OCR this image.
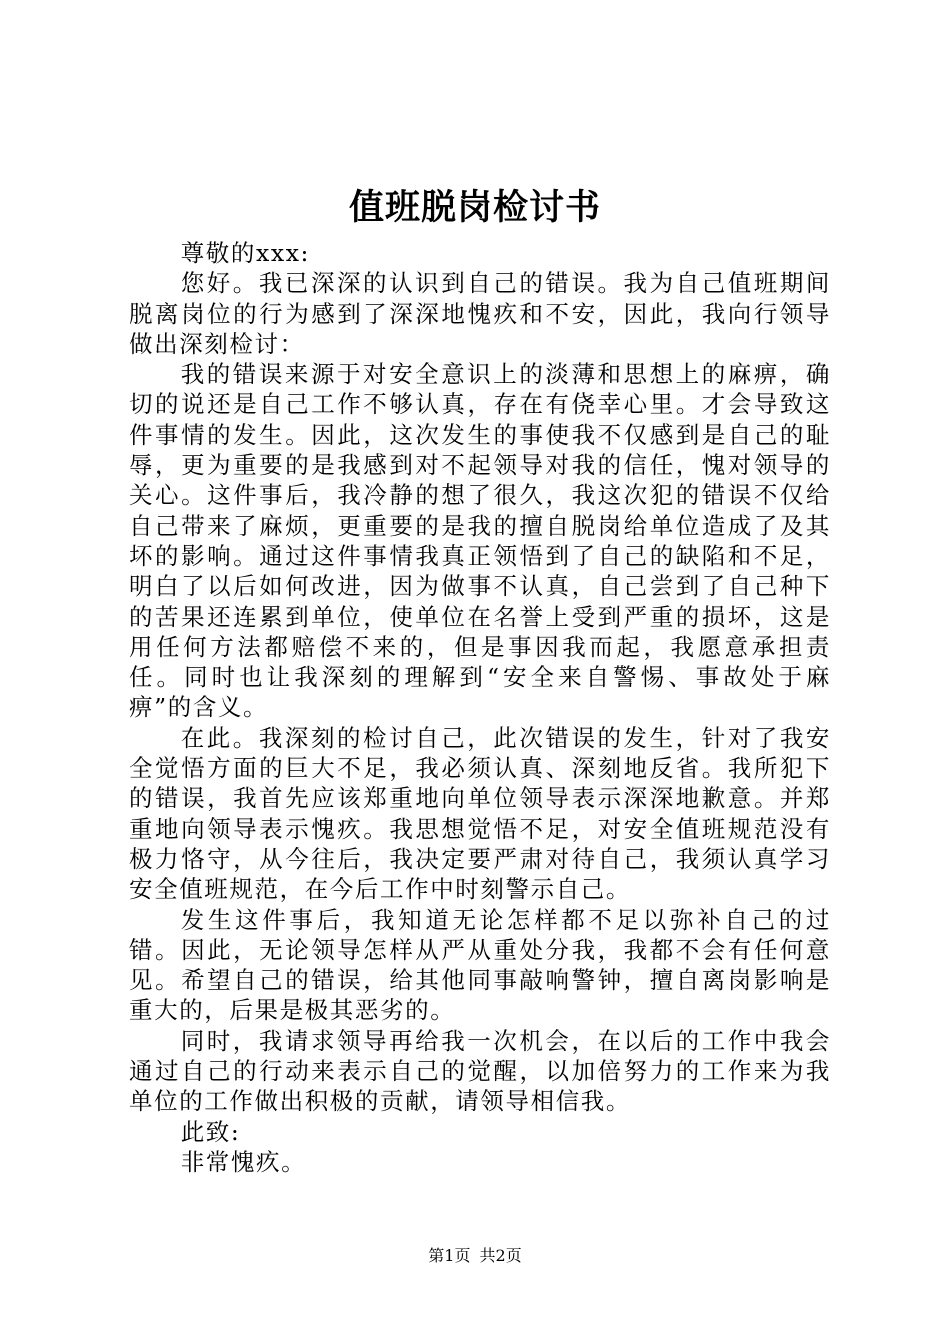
值班脱岗检讨书

尊敬的xxx:

您好。我已深深的认识到自己的错误。我为自己值班期间脱离岗位的行为感到了深深地愧疚和不安，因此，我向行领导做出深刻检讨：

我的错误来源于对安全意识上的淡薄和思想上的麻痹，确切的说还是自己工作不够认真，存在有侥幸心里。才会导致这件事情的发生。因此，这次发生的事使我不仅感到是自己的耻辱，更为重要的是我感到对不起领导对我的信任，愧对领导的关心。这件事后，我冷静的想了很久，我这次犯的错误不仅给自己带来了麻烦，更重要的是我的擅自脱岗给单位造成了及其坏的影响。通过这件事情我真正领悟到了自己的缺陷和不足，明白了以后如何改进，因为做事不认真，自己尝到了自己种下的苦果还连累到单位，使单位在名誉上受到严重的损坏，这是用任何方法都赔偿不来的，但是事因我而起，我愿意承担责任。同时也让我深刻的理解到“安全来自警惕、事故处于麻痹”的含义。

在此。我深刻的检讨自己，此次错误的发生，针对了我安全觉悟方面的巨大不足，我必须认真、深刻地反省。我所犯下的错误，我首先应该郑重地向单位领导表示深深地歉意。并郑重地向领导表示愧疚。我思想觉悟不足，对安全值班规范没有极力恪守，从今往后，我决定要严肃对待自己，我须认真学习安全值班规范，在今后工作中时刻警示自己。

发生这件事后，我知道无论怎样都不足以弥补自己的过错。因此，无论领导怎样从严从重处分我，我都不会有任何意见。希望自己的错误，给其他同事敲响警钟，擅自离岗影响是重大的，后果是极其恶劣的。

同时，我请求领导再给我一次机会，在以后的工作中我会通过自己的行动来表示自己的觉醒，以加倍努力的工作来为我单位的工作做出积极的贡献，请领导相信我。

此致:

非常愧疚。

第1页 共2页
